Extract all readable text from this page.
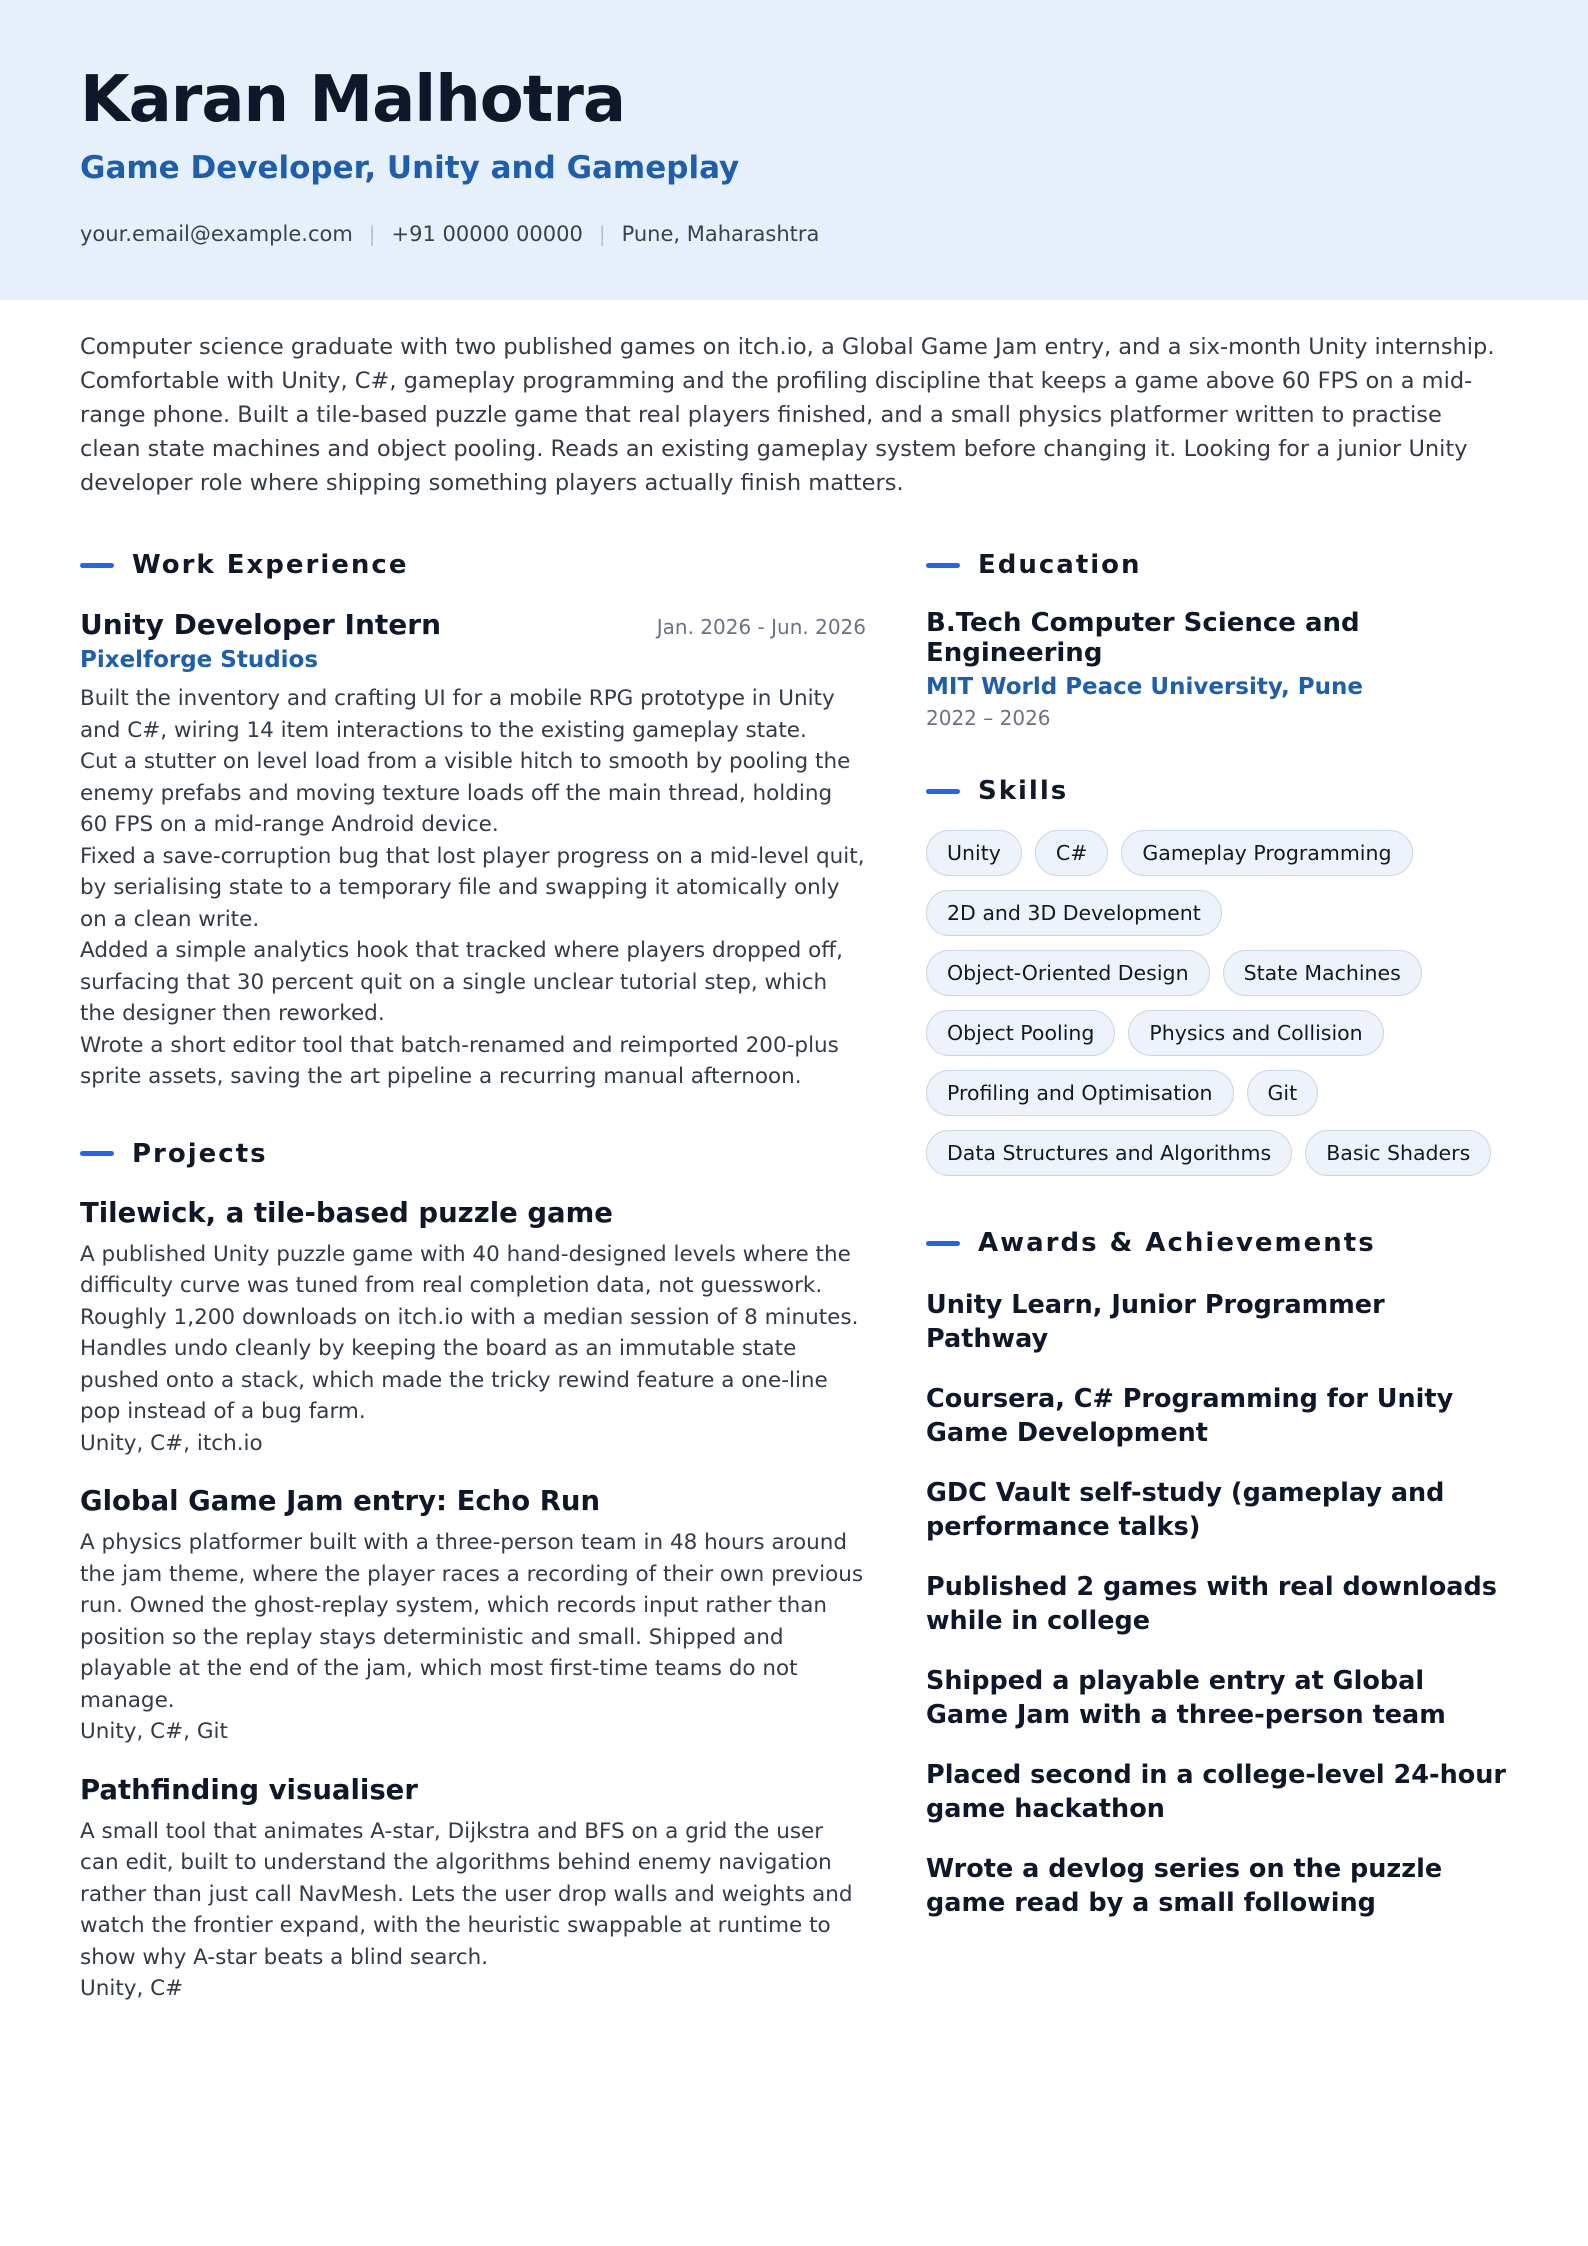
Karan Malhotra
Game Developer, Unity and Gameplay
your.email@example.com | +91 00000 00000 | Pune, Maharashtra
Computer science graduate with two published games on itch.io, a Global Game Jam entry, and a six-month Unity internship. Comfortable with Unity, C#, gameplay programming and the profiling discipline that keeps a game above 60 FPS on a mid-range phone. Built a tile-based puzzle game that real players finished, and a small physics platformer written to practise clean state machines and object pooling. Reads an existing gameplay system before changing it. Looking for a junior Unity developer role where shipping something players actually finish matters.
Work Experience
Unity Developer Intern	Jan. 2026 - Jun. 2026
Pixelforge Studios
Built the inventory and crafting UI for a mobile RPG prototype in Unity and C#, wiring 14 item interactions to the existing gameplay state.
Cut a stutter on level load from a visible hitch to smooth by pooling the enemy prefabs and moving texture loads off the main thread, holding 60 FPS on a mid-range Android device.
Fixed a save-corruption bug that lost player progress on a mid-level quit, by serialising state to a temporary file and swapping it atomically only on a clean write.
Added a simple analytics hook that tracked where players dropped off, surfacing that 30 percent quit on a single unclear tutorial step, which the designer then reworked.
Wrote a short editor tool that batch-renamed and reimported 200-plus sprite assets, saving the art pipeline a recurring manual afternoon.
Projects
Tilewick, a tile-based puzzle game
A published Unity puzzle game with 40 hand-designed levels where the difficulty curve was tuned from real completion data, not guesswork. Roughly 1,200 downloads on itch.io with a median session of 8 minutes. Handles undo cleanly by keeping the board as an immutable state pushed onto a stack, which made the tricky rewind feature a one-line pop instead of a bug farm.
Unity, C#, itch.io
Global Game Jam entry: Echo Run
A physics platformer built with a three-person team in 48 hours around the jam theme, where the player races a recording of their own previous run. Owned the ghost-replay system, which records input rather than position so the replay stays deterministic and small. Shipped and playable at the end of the jam, which most first-time teams do not manage.
Unity, C#, Git
Pathfinding visualiser
A small tool that animates A-star, Dijkstra and BFS on a grid the user can edit, built to understand the algorithms behind enemy navigation rather than just call NavMesh. Lets the user drop walls and weights and watch the frontier expand, with the heuristic swappable at runtime to show why A-star beats a blind search.
Unity, C#
Education
B.Tech Computer Science and Engineering
MIT World Peace University, Pune
2022 – 2026
Skills
Unity	C#	Gameplay Programming
2D and 3D Development
Object-Oriented Design	State Machines
Object Pooling	Physics and Collision
Profiling and Optimisation	Git
Data Structures and Algorithms	Basic Shaders
Awards & Achievements
Unity Learn, Junior Programmer Pathway
Coursera, C# Programming for Unity Game Development
GDC Vault self-study (gameplay and performance talks)
Published 2 games with real downloads while in college
Shipped a playable entry at Global Game Jam with a three-person team
Placed second in a college-level 24-hour game hackathon
Wrote a devlog series on the puzzle game read by a small following
